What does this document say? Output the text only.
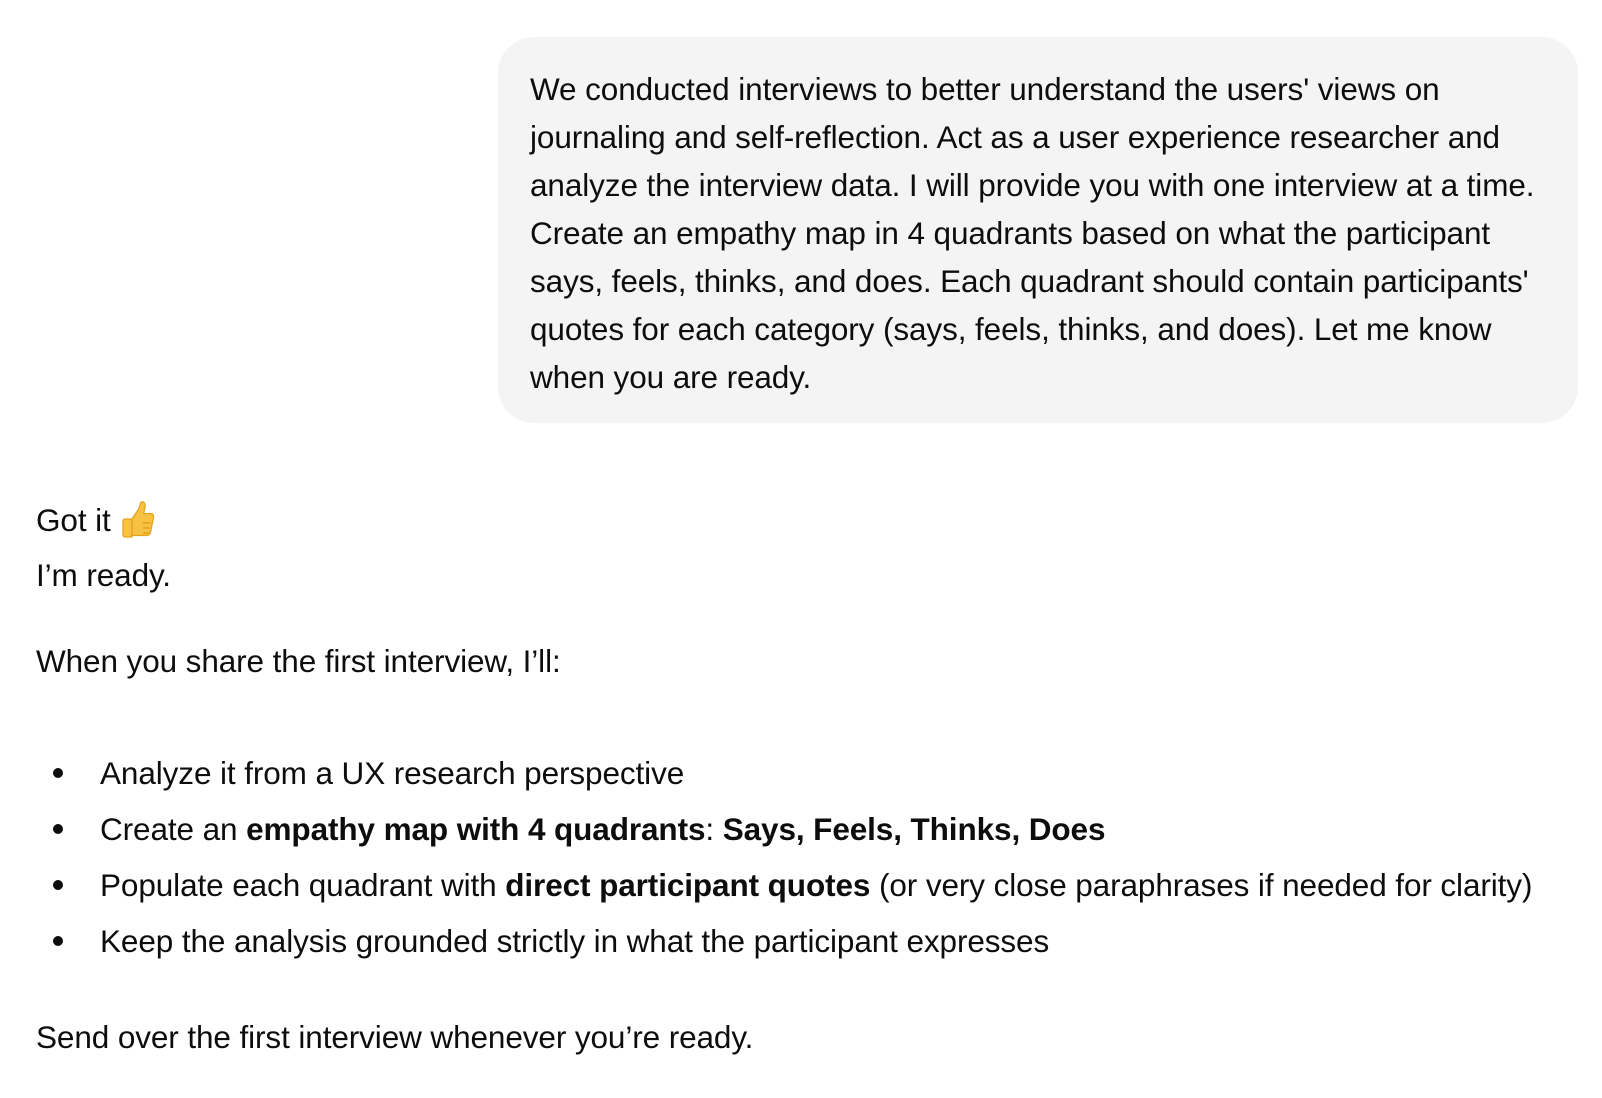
We conducted interviews to better understand the users' views on journaling and self-reflection. Act as a user experience researcher and analyze the interview data. I will provide you with one interview at a time. Create an empathy map in 4 quadrants based on what the participant says, feels, thinks, and does. Each quadrant should contain participants' quotes for each category (says, feels, thinks, and does). Let me know when you are ready.
Got it
I’m ready.
When you share the first interview, I’ll:
Analyze it from a UX research perspective
Create an empathy map with 4 quadrants: Says, Feels, Thinks, Does
Populate each quadrant with direct participant quotes (or very close paraphrases if needed for clarity)
Keep the analysis grounded strictly in what the participant expresses
Send over the first interview whenever you’re ready.
